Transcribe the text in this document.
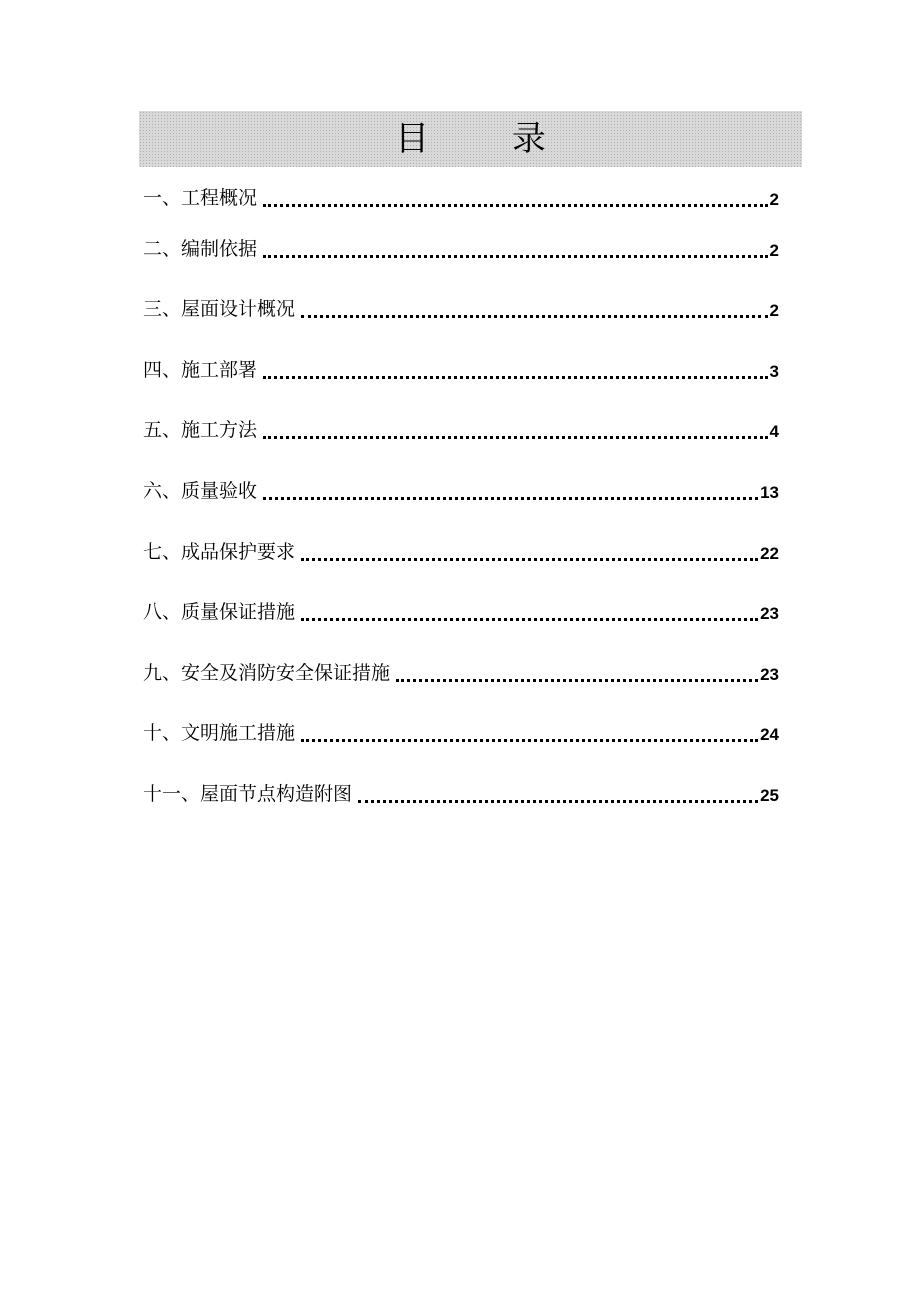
目 录
一、工程概况	2
二、编制依据	2
三、屋面设计概况	2
四、施工部署	3
五、施工方法	4
六、质量验收	13
七、成品保护要求	22
八、质量保证措施	23
九、安全及消防安全保证措施	23
十、文明施工措施	24
十一、屋面节点构造附图	25
